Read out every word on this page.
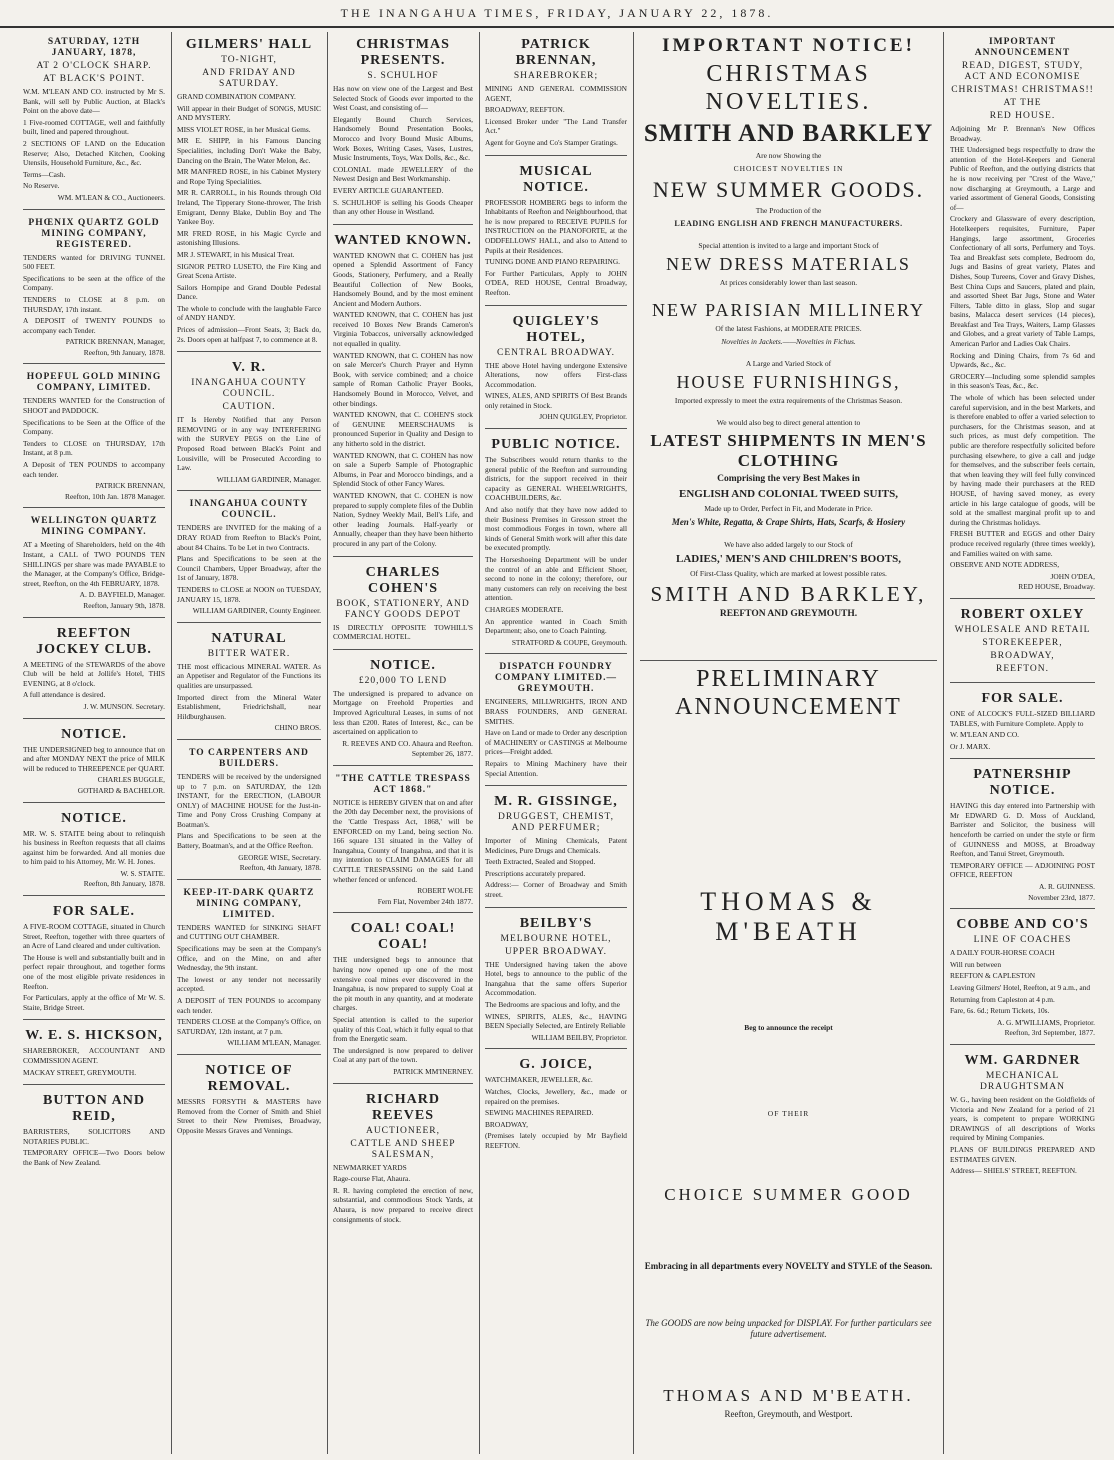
THE INANGAHUA TIMES, FRIDAY, JANUARY 22, 1878.
SATURDAY, 12TH JANUARY, 1878,
AT 2 O'CLOCK SHARP.
AT BLACK'S POINT.
W.M. M'LEAN AND CO. instructed by Mr S. Bank, will sell by Public Auction, at Black's Point on the above date—
1 Five-roomed COTTAGE, well and faithfully built, lined and papered throughout.
2 SECTIONS OF LAND on the Education Reserve; Also, Detached Kitchen, Cooking Utensils, Household Furniture, &c., &c.
Terms—Cash.
No Reserve.
WM. M'LEAN & CO., Auctioneers.
PHŒNIX QUARTZ GOLD MINING COMPANY, REGISTERED.
TENDERS wanted for DRIVING TUNNEL 500 FEET.
Specifications to be seen at the office of the Company.
TENDERS to CLOSE at 8 p.m. on THURSDAY, 17th instant.
A DEPOSIT of TWENTY POUNDS to accompany each Tender.
PATRICK BRENNAN, Manager,
Reefton, 9th January, 1878.
HOPEFUL GOLD MINING COMPANY, LIMITED.
TENDERS WANTED for the Construction of SHOOT and PADDOCK.
Specifications to be Seen at the Office of the Company.
Tenders to CLOSE on THURSDAY, 17th Instant, at 8 p.m.
A Deposit of TEN POUNDS to accompany each tender.
PATRICK BRENNAN,
Reefton, 10th Jan. 1878 Manager.
WELLINGTON QUARTZ MINING COMPANY.
AT a Meeting of Shareholders, held on the 4th Instant, a CALL of TWO POUNDS TEN SHILLINGS per share was made PAYABLE to the Manager, at the Company's Office, Bridge-street, Reefton, on the 4th FEBRUARY, 1878.
A. D. BAYFIELD, Manager.
Reefton, January 9th, 1878.
REEFTON JOCKEY CLUB.
A MEETING of the STEWARDS of the above Club will be held at Jollife's Hotel, THIS EVENING, at 8 o'clock.
A full attendance is desired.
J. W. MUNSON. Secretary.
NOTICE.
THE UNDERSIGNED beg to announce that on and after MONDAY NEXT the price of MILK will be reduced to THREEPENCE per QUART.
CHARLES BUGGLE,
GOTHARD & BACHELOR.
NOTICE.
MR. W. S. STAITE being about to relinquish his business in Reefton requests that all claims against him be forwarded. And all monies due to him paid to his Attorney, Mr. W. H. Jones.
W. S. STAITE.
Reefton, 8th January, 1878.
FOR SALE.
A FIVE-ROOM COTTAGE, situated in Church Street, Reefton, together with three quarters of an Acre of Land cleared and under cultivation.
The House is well and substantially built and in perfect repair throughout, and together forms one of the most eligible private residences in Reefton.
For Particulars, apply at the office of Mr W. S. Staite, Bridge Street.
W. E. S. HICKSON,
SHAREBROKER, ACCOUNTANT AND COMMISSION AGENT.
MACKAY STREET, GREYMOUTH.
BUTTON AND REID,
BARRISTERS, SOLICITORS AND NOTARIES PUBLIC.
TEMPORARY OFFICE—Two Doors below the Bank of New Zealand.
GILMERS' HALL
TO-NIGHT,
AND FRIDAY AND SATURDAY.
GRAND COMBINATION COMPANY.
Will appear in their Budget of SONGS, MUSIC AND MYSTERY.
MISS VIOLET ROSE, in her Musical Gems.
MR E. SHIPP, in his Famous Dancing Specialities, including Don't Wake the Baby, Dancing on the Brain, The Water Melon, &c.
MR MANFRED ROSE, in his Cabinet Mystery and Rope Tying Specialities.
MR R. CARROLL, in his Rounds through Old Ireland, The Tipperary Stone-thrower, The Irish Emigrant, Denny Blake, Dublin Boy and The Yankee Boy.
MR FRED ROSE, in his Magic Cyrcle and astonishing Illusions.
MR J. STEWART, in his Musical Treat.
SIGNOR PETRO LUSETO, the Fire King and Great Scena Artiste.
Sailors Hornpipe and Grand Double Pedestal Dance.
The whole to conclude with the laughable Farce of ANDY HANDY.
Prices of admission—Front Seats, 3; Back do, 2s. Doors open at halfpast 7, to commence at 8.
V. R.
INANGAHUA COUNTY COUNCIL.
CAUTION.
IT Is Hereby Notified that any Person REMOVING or in any way INTERFERING with the SURVEY PEGS on the Line of Proposed Road between Black's Point and Lousiville, will be Prosecuted According to Law.
WILLIAM GARDINER, Manager.
INANGAHUA COUNTY COUNCIL.
TENDERS are INVITED for the making of a DRAY ROAD from Reefton to Black's Point, about 84 Chains. To be Let in two Contracts.
Plans and Specifications to be seen at the Council Chambers, Upper Broadway, after the 1st of January, 1878.
TENDERS to CLOSE at NOON on TUESDAY, JANUARY 15, 1878.
WILLIAM GARDINER, County Engineer.
NATURAL
BITTER WATER.
THE most efficacious MINERAL WATER. As an Appetiser and Regulator of the Functions its qualities are unsurpassed.
Imported direct from the Mineral Water Establishment, Friedrichshall, near Hildburghausen.
CHINO BROS.
TO CARPENTERS AND BUILDERS.
TENDERS will be received by the undersigned up to 7 p.m. on SATURDAY, the 12th INSTANT, for the ERECTION, (LABOUR ONLY) of MACHINE HOUSE for the Just-in-Time and Pony Cross Crushing Company at Boatman's.
Plans and Specifications to be seen at the Battery, Boatman's, and at the Office Reefton.
GEORGE WISE, Secretary.
Reefton, 4th January, 1878.
KEEP-IT-DARK QUARTZ MINING COMPANY, LIMITED.
TENDERS WANTED for SINKING SHAFT and CUTTING OUT CHAMBER.
Specifications may be seen at the Company's Office, and on the Mine, on and after Wednesday, the 9th instant.
The lowest or any tender not necessarily accepted.
A DEPOSIT of TEN POUNDS to accompany each tender.
TENDERS CLOSE at the Company's Office, on SATURDAY, 12th instant, at 7 p.m.
WILLIAM M'LEAN, Manager.
NOTICE OF REMOVAL.
MESSRS FORSYTH & MASTERS have Removed from the Corner of Smith and Shiel Street to their New Premises, Broadway, Opposite Messrs Graves and Vennings.
CHRISTMAS PRESENTS.
S. SCHULHOF
Has now on view one of the Largest and Best Selected Stock of Goods ever imported to the West Coast, and consisting of—
Elegantly Bound Church Services, Handsomely Bound Presentation Books, Morocco and Ivory Bound Music Albums, Work Boxes, Writing Cases, Vases, Lustres, Music Instruments, Toys, Wax Dolls, &c., &c.
COLONIAL made JEWELLERY of the Newest Design and Best Workmanship.
EVERY ARTICLE GUARANTEED.
S. SCHULHOF is selling his Goods Cheaper than any other House in Westland.
WANTED KNOWN.
WANTED KNOWN that C. COHEN has just opened a Splendid Assortment of Fancy Goods, Stationery, Perfumery, and a Really Beautiful Collection of New Books, Handsomely Bound, and by the most eminent Ancient and Modern Authors.
WANTED KNOWN, that C. COHEN has just received 10 Boxes New Brands Cameron's Virginia Tobaccos, universally acknowledged not equalled in quality.
WANTED KNOWN, that C. COHEN has now on sale Mercer's Church Prayer and Hymn Book, with service combined; and a choice sample of Roman Catholic Prayer Books, Handsomely Bound in Morocco, Velvet, and other bindings.
WANTED KNOWN, that C. COHEN'S stock of GENUINE MEERSCHAUMS is pronounced Superior in Quality and Design to any hitherto sold in the district.
WANTED KNOWN, that C. COHEN has now on sale a Superb Sample of Photographic Albums, in Pear and Morocco bindings, and a Splendid Stock of other Fancy Wares.
WANTED KNOWN, that C. COHEN is now prepared to supply complete files of the Dublin Nation, Sydney Weekly Mail, Bell's Life, and other leading Journals. Half-yearly or Annually, cheaper than they have been hitherto procured in any part of the Colony.
CHARLES COHEN'S
BOOK, STATIONERY, AND FANCY GOODS DEPOT
IS DIRECTLY OPPOSITE TOWHILL'S COMMERCIAL HOTEL.
NOTICE.
£20,000 TO LEND
The undersigned is prepared to advance on Mortgage on Freehold Properties and Improved Agricultural Leases, in sums of not less than £200. Rates of Interest, &c., can be ascertained on application to
R. REEVES AND CO. Ahaura and Reefton.
September 26, 1877.
"THE CATTLE TRESPASS ACT 1868."
NOTICE is HEREBY GIVEN that on and after the 20th day December next, the provisions of the 'Cattle Trespass Act, 1868,' will be ENFORCED on my Land, being section No. 166 square 131 situated in the Valley of Inangahua, County of Inangahua, and that it is my intention to CLAIM DAMAGES for all CATTLE TRESPASSING on the said Land whether fenced or unfenced.
ROBERT WOLFE
Fern Flat, November 24th 1877.
COAL! COAL! COAL!
THE undersigned begs to announce that having now opened up one of the most extensive coal mines ever discovered in the Inangahua, is now prepared to supply Coal at the pit mouth in any quantity, and at moderate charges.
Special attention is called to the superior quality of this Coal, which it fully equal to that from the Energetic seam.
The undersigned is now prepared to deliver Coal at any part of the town.
PATRICK MM'INERNEY.
RICHARD REEVES
AUCTIONEER,
CATTLE AND SHEEP SALESMAN,
NEWMARKET YARDS
Rage-course Flat, Ahaura.
R. R. having completed the erection of new, substantial, and commodious Stock Yards, at Ahaura, is now prepared to receive direct consignments of stock.
PATRICK BRENNAN,
SHAREBROKER;
MINING AND GENERAL COMMISSION AGENT,
BROADWAY, REEFTON.
Licensed Broker under "The Land Transfer Act."
Agent for Goyne and Co's Stamper Gratings.
MUSICAL NOTICE.
PROFESSOR HOMBERG begs to inform the Inhabitants of Reefton and Neighbourhood, that he is now prepared to RECEIVE PUPILS for INSTRUCTION on the PIANOFORTE, at the ODDFELLOWS' HALL, and also to Attend to Pupils at their Residences.
TUNING DONE AND PIANO REPAIRING.
For Further Particulars, Apply to JOHN O'DEA, RED HOUSE, Central Broadway, Reefton.
QUIGLEY'S HOTEL,
CENTRAL BROADWAY.
THE above Hotel having undergone Extensive Alterations, now offers First-class Accommodation.
WINES, ALES, AND SPIRITS Of Best Brands only retained in Stock.
JOHN QUIGLEY, Proprietor.
PUBLIC NOTICE.
The Subscribers would return thanks to the general public of the Reefton and surrounding districts, for the support received in their capacity as GENERAL WHEELWRIGHTS, COACHBUILDERS, &c.
And also notify that they have now added to their Business Premises in Gresson street the most commodious Forges in town, where all kinds of General Smith work will after this date be executed promptly.
The Horseshoeing Department will be under the control of an able and Efficient Shoer, second to none in the colony; therefore, our many customers can rely on receiving the best attention.
CHARGES MODERATE.
An apprentice wanted in Coach Smith Department; also, one to Coach Painting.
STRATFORD & COUPE, Greymouth.
DISPATCH FOUNDRY COMPANY LIMITED.—GREYMOUTH.
ENGINEERS, MILLWRIGHTS, IRON AND BRASS FOUNDERS, AND GENERAL SMITHS.
Have on Land or made to Order any description of MACHINERY or CASTINGS at Melbourne prices—Freight added.
Repairs to Mining Machinery have their Special Attention.
M. R. GISSINGE,
DRUGGEST, CHEMIST, AND PERFUMER;
Importer of Mining Chemicals, Patent Medicines, Pure Drugs and Chemicals.
Teeth Extracted, Sealed and Stopped.
Prescriptions accurately prepared.
Address:— Corner of Broadway and Smith street.
BEILBY'S
MELBOURNE HOTEL,
UPPER BROADWAY.
THE Undersigned having taken the above Hotel, begs to announce to the public of the Inangahua that the same offers Superior Accommodation.
The Bedrooms are spacious and lofty, and the
WINES, SPIRITS, ALES, &c., HAVING BEEN Specially Selected, are Entirely Reliable
WILLIAM BEILBY, Proprietor.
G. JOICE,
WATCHMAKER, JEWELLER, &c.
Watches, Clocks, Jewellery, &c., made or repaired on the premises.
SEWING MACHINES REPAIRED.
BROADWAY,
(Premises lately occupied by Mr Bayfield REEFTON.
IMPORTANT NOTICE!
CHRISTMAS NOVELTIES.
SMITH AND BARKLEY
Are now Showing the
CHOICEST NOVELTIES IN
NEW SUMMER GOODS.
The Production of the
LEADING ENGLISH AND FRENCH MANUFACTURERS.
Special attention is invited to a large and important Stock of
NEW DRESS MATERIALS
At prices considerably lower than last season.
NEW PARISIAN MILLINERY
Of the latest Fashions, at MODERATE PRICES.
Novelties in Jackets.——Novelties in Fichus.
A Large and Varied Stock of
HOUSE FURNISHINGS,
Imported expressly to meet the extra requirements of the Christmas Season.
We would also beg to direct general attention to
LATEST SHIPMENTS IN MEN'S CLOTHING
Comprising the very Best Makes in
ENGLISH AND COLONIAL TWEED SUITS,
Made up to Order, Perfect in Fit, and Moderate in Price.
Men's White, Regatta, & Crape Shirts, Hats, Scarfs, & Hosiery
We have also added largely to our Stock of
LADIES,' MEN'S AND CHILDREN'S BOOTS,
Of First-Class Quality, which are marked at lowest possible rates.
SMITH AND BARKLEY,
REEFTON AND GREYMOUTH.
PRELIMINARY ANNOUNCEMENT
THOMAS & M'BEATH
Beg to announce the receipt
OF THEIR
CHOICE SUMMER GOOD
Embracing in all departments every NOVELTY and STYLE of the Season.
The GOODS are now being unpacked for DISPLAY. For further particulars see future advertisement.
THOMAS AND M'BEATH.
Reefton, Greymouth, and Westport.
IMPORTANT ANNOUNCEMENT
READ, DIGEST, STUDY, ACT AND ECONOMISE
CHRISTMAS! CHRISTMAS!!
AT THE
RED HOUSE.
Adjoining Mr P. Brennan's New Offices Broadway.
THE Undersigned begs respectfully to draw the attention of the Hotel-Keepers and General Public of Reefton, and the outlying districts that he is now receiving per "Crest of the Wave," now discharging at Greymouth, a Large and varied assortment of General Goods, Consisting of—
Crockery and Glassware of every description, Hotelkeepers requisites, Furniture, Paper Hangings, large assortment, Groceries Confectionary of all sorts, Perfumery and Toys. Tea and Breakfast sets complete, Bedroom do, Jugs and Basins of great variety, Plates and Dishes, Soup Tureens, Cover and Gravy Dishes, Best China Cups and Saucers, plated and plain, and assorted Sheet Bar Jugs, Stone and Water Filters, Table ditto in glass, Slop and sugar basins, Malacca desert services (14 pieces), Breakfast and Tea Trays, Waiters, Lamp Glasses and Globes, and a great variety of Table Lamps, American Parlor and Ladies Oak Chairs.
Rocking and Dining Chairs, from 7s 6d and Upwards, &c., &c.
GROCERY—Including some splendid samples in this season's Teas, &c., &c.
The whole of which has been selected under careful supervision, and in the best Markets, and is therefore enabled to offer a varied selection to purchasers, for the Christmas season, and at such prices, as must defy competition. The public are therefore respectfully solicited before purchasing elsewhere, to give a call and judge for themselves, and the subscriber feels certain, that when leaving they will feel fully convinced by having made their purchasers at the RED HOUSE, of having saved money, as every article in his large catalogue of goods, will be sold at the smallest marginal profit up to and during the Christmas holidays.
FRESH BUTTER and EGGS and other Dairy produce received regularly (three times weekly), and Families waited on with same.
OBSERVE AND NOTE ADDRESS,
JOHN O'DEA,
RED HOUSE, Broadway.
ROBERT OXLEY
WHOLESALE AND RETAIL
STOREKEEPER,
BROADWAY,
REEFTON.
FOR SALE.
ONE of ALCOCK'S FULL-SIZED BILLIARD TABLES, with Furniture Complete. Apply to
W. M'LEAN AND CO.
Or J. MARX.
PATNERSHIP NOTICE.
HAVING this day entered into Partnership with Mr EDWARD G. D. Moss of Auckland, Barrister and Solicitor, the business will henceforth be carried on under the style or firm of GUINNESS and MOSS, at Broadway Reefton, and Tanui Street, Greymouth.
TEMPORARY OFFICE — ADJOINING POST OFFICE, REEFTON
A. R. GUINNESS.
November 23rd, 1877.
COBBE AND CO'S
LINE OF COACHES
A DAILY FOUR-HORSE COACH
Will run between
REEFTON & CAPLESTON
Leaving Gilmers' Hotel, Reefton, at 9 a.m., and
Returning from Capleston at 4 p.m.
Fare, 6s. 6d.; Return Tickets, 10s.
A. G. M'WILLIAMS, Proprietor.
Reefton, 3rd September, 1877.
WM. GARDNER
MECHANICAL DRAUGHTSMAN
W. G., having been resident on the Goldfields of Victoria and New Zealand for a period of 21 years, is competent to prepare WORKING DRAWINGS of all descriptions of Works required by Mining Companies.
PLANS OF BUILDINGS PREPARED AND ESTIMATES GIVEN.
Address— SHIELS' STREET, REEFTON.
